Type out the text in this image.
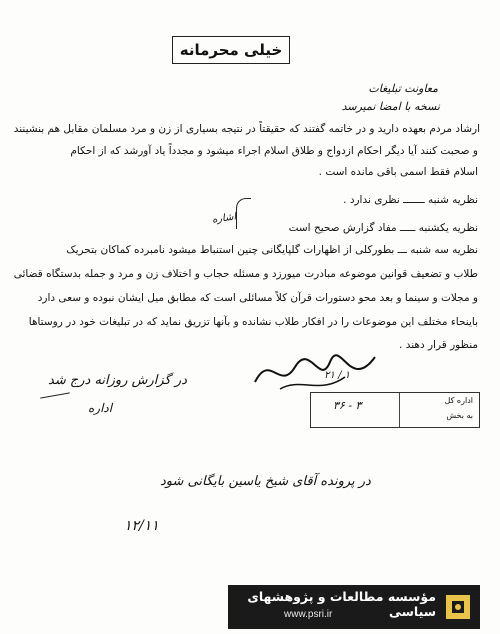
خیلی محرمانه
معاونت تبلیغات
نسخه با امضا نمیرسد
ارشاد مردم بعهده دارید و در خاتمه گفتند که حقیقتاً در نتیجه بسیاری از زن و مرد مسلمان مقابل هم بنشینند
و صحبت کنند آیا دیگر احکام ازدواج و طلاق اسلام اجراء میشود و مجدداً یاد آورشد که از احکام
اسلام فقط اسمی باقی مانده است .
نظریه شنبه ـــــــ نظری ندارد .
اشاره
نظریه یکشنبه ـــــ مفاد گزارش صحیح است
نظریه سه شنبه ـــ بطورکلی از اظهارات گلپایگانی چنین استنباط میشود نامبرده کماکان بتحریک
طلاب و تضعیف قوانین موضوعه مبادرت میورزد و مسئله حجاب و اختلاف زن و مرد و جمله بدستگاه قضائی
و مجلات و سینما و بعد محو دستورات قرآن کلاً مسائلی است که مطابق میل ایشان نبوده و سعی دارد
باینحاء مختلف این موضوعات را در افکار طلاب نشانده و بآنها تزریق نماید که در تبلیغات خود در روستاها
منظور قرار دهند .
۲۱ / ۱
اداره کل
به بخش
۳۶ - ۳
در گزارش روزانه درج شد
اداره
در پرونده آقای شیخ یاسین بایگانی شود
۱۲/۱۱
مؤسسه مطالعات و پژوهشهای سیاسی
www.psri.ir
